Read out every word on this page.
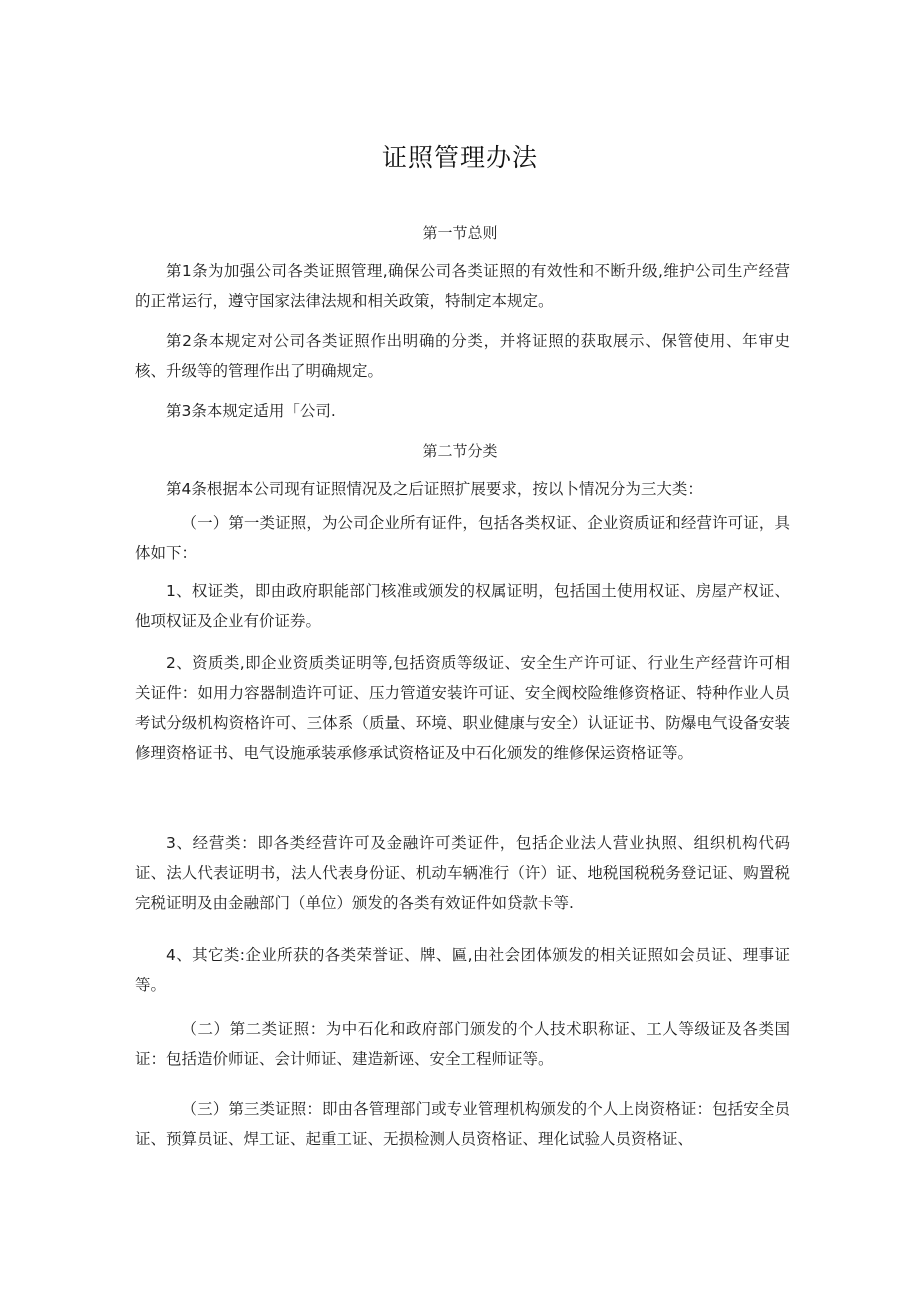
证照管理办法
第一节总则

第1条为加强公司各类证照管理,确保公司各类证照的有效性和不断升级,维护公司生产经营的正常运行，遵守国家法律法规和相关政策，特制定本规定。

第2条本规定对公司各类证照作出明确的分类，并将证照的获取展示、保管使用、年审史核、升级等的管理作出了明确规定。

第3条本规定适用「公司.

第二节分类

第4条根据本公司现有证照情况及之后证照扩展要求，按以卜情况分为三大类：

（一）第一类证照，为公司企业所有证件，包括各类权证、企业资质证和经营许可证，具体如下：

1、权证类，即由政府职能部门核准或颁发的权属证明，包括国土使用权证、房屋产权证、他项权证及企业有价证券。

2、资质类,即企业资质类证明等,包括资质等级证、安全生产许可证、行业生产经营许可相关证件：如用力容器制造许可证、压力管道安装许可证、安全阀校险维修资格证、特种作业人员考试分级机构资格许可、三体系（质量、环境、职业健康与安全）认证证书、防爆电气设备安装修理资格证书、电气设施承装承修承试资格证及中石化颁发的维修保运资格证等。

3、经营类：即各类经营许可及金融许可类证件，包括企业法人营业执照、组织机构代码证、法人代表证明书，法人代表身份证、机动车辆准行（许）证、地税国税税务登记证、购置税完税证明及由金融部门（单位）颁发的各类有效证件如贷款卡等.

4、其它类:企业所获的各类荣誉证、牌、匾,由社会团体颁发的相关证照如会员证、理事证等。

（二）第二类证照：为中石化和政府部门颁发的个人技术职称证、工人等级证及各类国证：包括造价师证、会计师证、建造新诬、安全工程师证等。

（三）第三类证照：即由各管理部门或专业管理机构颁发的个人上岗资格证：包括安全员证、预算员证、焊工证、起重工证、无损检测人员资格证、理化试验人员资格证、
